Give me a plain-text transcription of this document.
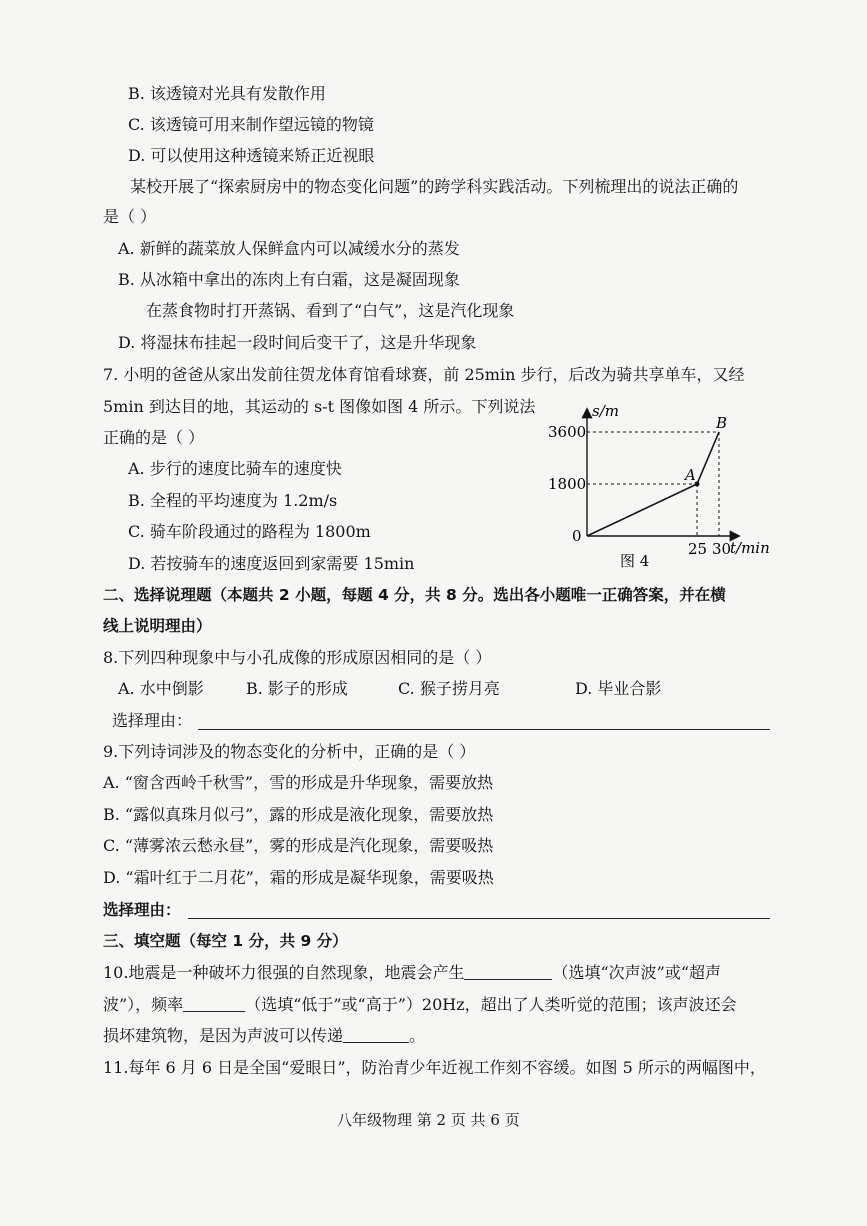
B. 该透镜对光具有发散作用
C. 该透镜可用来制作望远镜的物镜
D. 可以使用这种透镜来矫正近视眼
某校开展了“探索厨房中的物态变化问题”的跨学科实践活动。下列梳理出的说法正确的
是（ ）
A. 新鲜的蔬菜放人保鲜盒内可以减缓水分的蒸发
B. 从冰箱中拿出的冻肉上有白霜，这是凝固现象
在蒸食物时打开蒸锅、看到了“白气”，这是汽化现象
D. 将湿抹布挂起一段时间后变干了，这是升华现象
7. 小明的爸爸从家出发前往贺龙体育馆看球赛，前 25min 步行，后改为骑共享单车，又经
5min 到达目的地，其运动的 s-t 图像如图 4 所示。下列说法
正确的是（ ）
A. 步行的速度比骑车的速度快
B. 全程的平均速度为 1.2m/s
C. 骑车阶段通过的路程为 1800m
D. 若按骑车的速度返回到家需要 15min
s/m
t/min
0
3600
1800
25 30
A
B
图 4
二、选择说理题（本题共 2 小题，每题 4 分，共 8 分。选出各小题唯一正确答案，并在横
线上说明理由）
8.下列四种现象中与小孔成像的形成原因相同的是（ ）
A. 水中倒影	B. 影子的形成	C. 猴子捞月亮	D. 毕业合影
选择理由：
9.下列诗词涉及的物态变化的分析中，正确的是（ ）
A. “窗含西岭千秋雪”，雪的形成是升华现象，需要放热
B. “露似真珠月似弓”，露的形成是液化现象，需要放热
C. “薄雾浓云愁永昼”，雾的形成是汽化现象，需要吸热
D. “霜叶红于二月花”，霜的形成是凝华现象，需要吸热
选择理由：
三、填空题（每空 1 分，共 9 分）
10.地震是一种破坏力很强的自然现象，地震会产生	（选填“次声波”或“超声
波”），频率	（选填“低于”或“高于”）20Hz，超出了人类听觉的范围；该声波还会
损坏建筑物，是因为声波可以传递	。
11.每年 6 月 6 日是全国“爱眼日”，防治青少年近视工作刻不容缓。如图 5 所示的两幅图中，
八年级物理 第 2 页 共 6 页
